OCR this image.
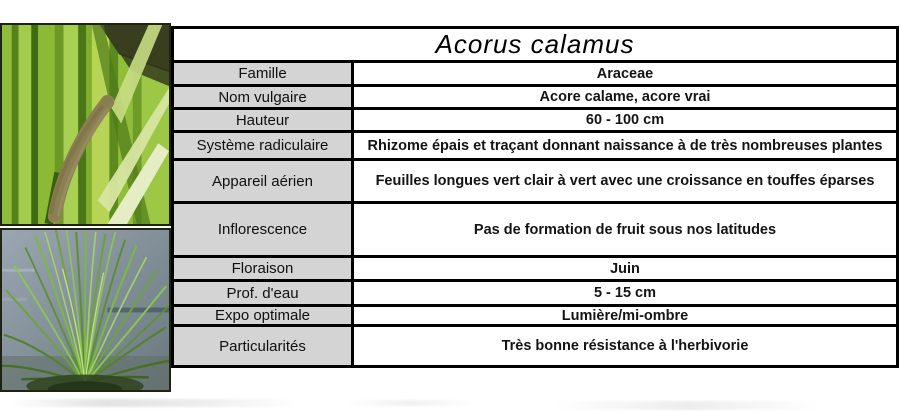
Acorus calamus	
Famille	Araceae
Nom vulgaire	Acore calame, acore vrai
Hauteur	60 - 100 cm
Système radiculaire	Rhizome épais et traçant donnant naissance à de très nombreuses plantes
Appareil aérien	Feuilles longues vert clair à vert avec une croissance en touffes éparses
Inflorescence	Pas de formation de fruit sous nos latitudes
Floraison	Juin
Prof. d'eau	5 - 15 cm
Expo optimale	Lumière/mi-ombre
Particularités	Très bonne résistance à l'herbivorie
